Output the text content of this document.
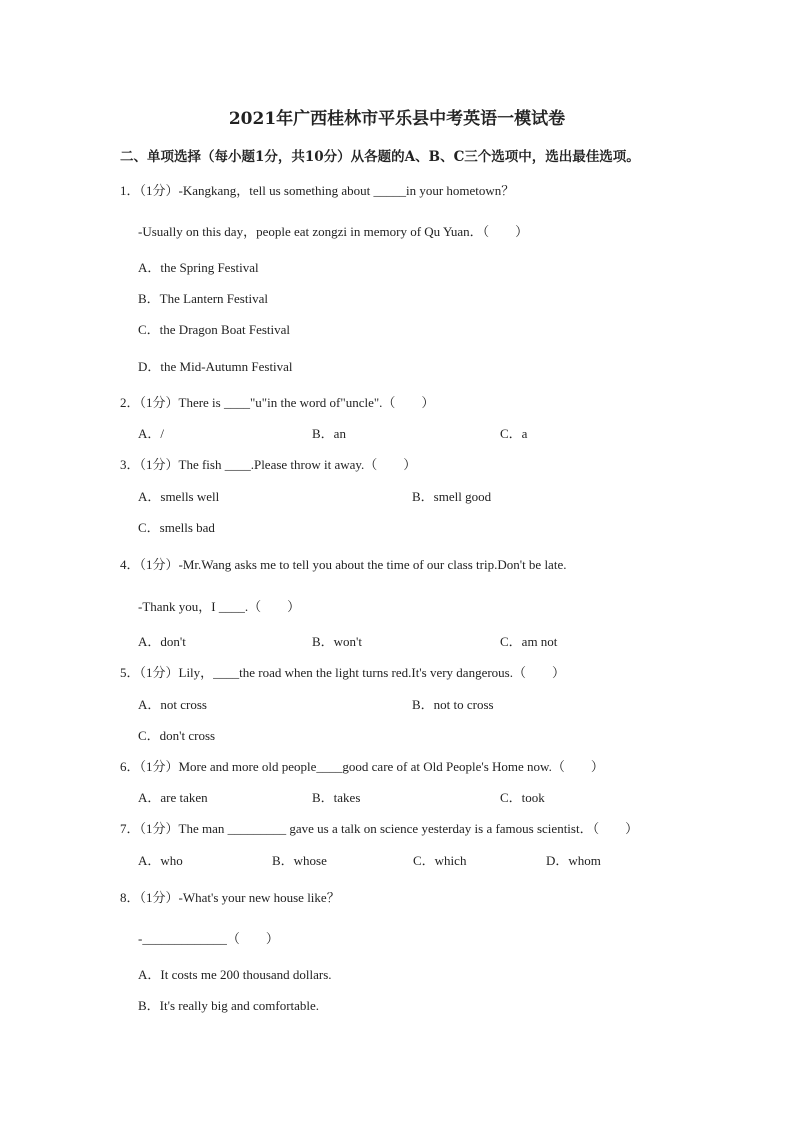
2021年广西桂林市平乐县中考英语一模试卷
二、单项选择（每小题1分，共10分）从各题的A、B、C三个选项中，选出最佳选项。
1．（1分）-Kangkang，tell us something about _____in your hometown？
-Usually on this day，people eat zongzi in memory of Qu Yuan．（　　）
A．the Spring Festival
B．The Lantern Festival
C．the Dragon Boat Festival
D．the Mid-Autumn Festival
2．（1分）There is ____"u"in the word of"uncle".（　　）
A．/	B．an	C．a
3．（1分）The fish ____.Please throw it away.（　　）
A．smells well	B．smell good
C．smells bad
4．（1分）-Mr.Wang asks me to tell you about the time of our class trip.Don't be late.
-Thank you，I ____.（　　）
A．don't	B．won't	C．am not
5．（1分）Lily，____the road when the light turns red.It's very dangerous.（　　）
A．not cross	B．not to cross
C．don't cross
6．（1分）More and more old people____good care of at Old People's Home now.（　　）
A．are taken	B．takes	C．took
7．（1分）The man _________ gave us a talk on science yesterday is a famous scientist．（　　）
A．who	B．whose	C．which	D．whom
8．（1分）-What's your new house like？
-_____________（　　）
A．It costs me 200 thousand dollars.
B．It's really big and comfortable.
